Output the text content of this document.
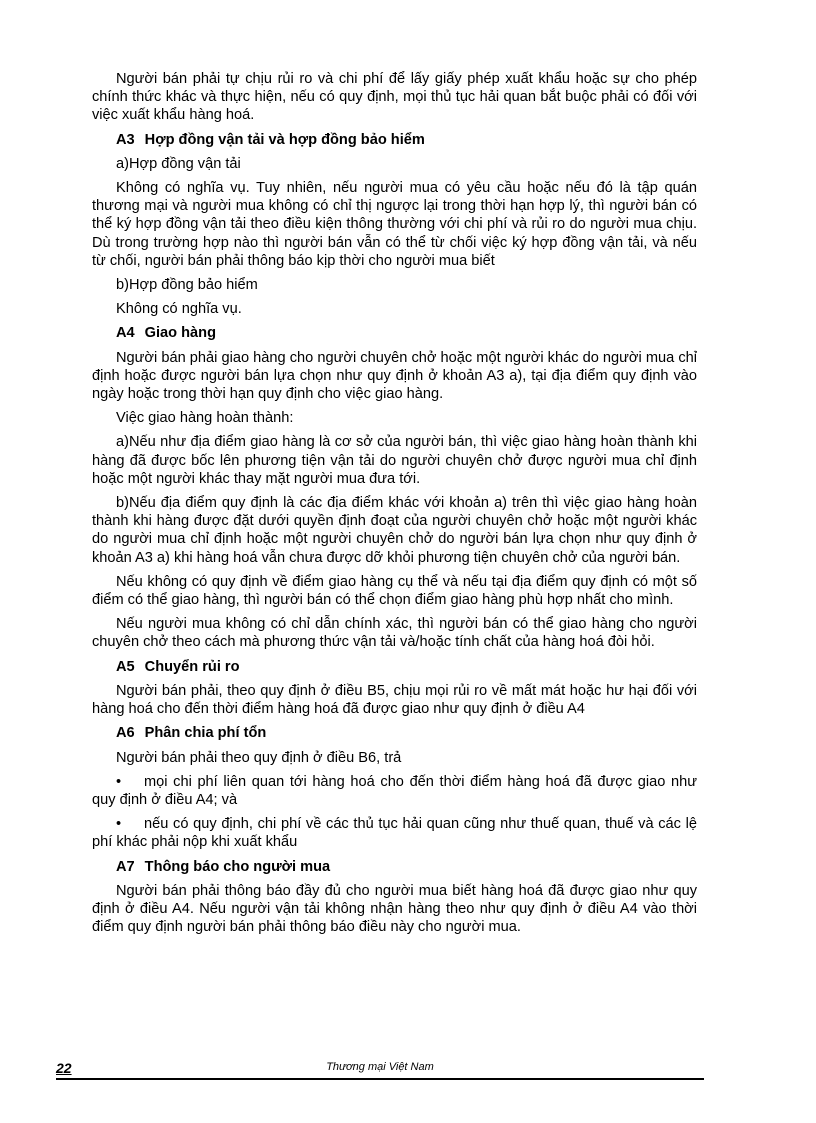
Người bán phải tự chịu rủi ro và chi phí để lấy giấy phép xuất khẩu hoặc sự cho phép chính thức khác và thực hiện, nếu có quy định, mọi thủ tục hải quan bắt buộc phải có đối với việc xuất khẩu hàng hoá.

A3 Hợp đồng vận tải và hợp đồng bảo hiểm

a)Hợp đồng vận tải

Không có nghĩa vụ. Tuy nhiên, nếu người mua có yêu cầu hoặc nếu đó là tập quán thương mại và người mua không có chỉ thị ngược lại trong thời hạn hợp lý, thì người bán có thể ký hợp đồng vận tải theo điều kiện thông thường với chi phí và rủi ro do người mua chịu. Dù trong trường hợp nào thì người bán vẫn có thể từ chối việc ký hợp đồng vận tải, và nếu từ chối, người bán phải thông báo kịp thời cho người mua biết

b)Hợp đồng bảo hiểm

Không có nghĩa vụ.

A4 Giao hàng

Người bán phải giao hàng cho người chuyên chở hoặc một người khác do người mua chỉ định hoặc được người bán lựa chọn như quy định ở khoản A3 a), tại địa điểm quy định vào ngày hoặc trong thời hạn quy định cho việc giao hàng.

Việc giao hàng hoàn thành:

a)Nếu như địa điểm giao hàng là cơ sở của người bán, thì việc giao hàng hoàn thành khi hàng đã được bốc lên phương tiện vận tải do người chuyên chở được người mua chỉ định hoặc một người khác thay mặt người mua đưa tới.

b)Nếu địa điểm quy định là các địa điểm khác với khoản a) trên thì việc giao hàng hoàn thành khi hàng được đặt dưới quyền định đoạt của người chuyên chở hoặc một người khác do người mua chỉ định hoặc một người chuyên chở do người bán lựa chọn như quy định ở khoản A3 a) khi hàng hoá vẫn chưa được dỡ khỏi phương tiện chuyên chở của người bán.

Nếu không có quy định về điểm giao hàng cụ thể và nếu tại địa điểm quy định có một số điểm có thể giao hàng, thì người bán có thể chọn điểm giao hàng phù hợp nhất cho mình.

Nếu người mua không có chỉ dẫn chính xác, thì người bán có thể giao hàng cho người chuyên chở theo cách mà phương thức vận tải và/hoặc tính chất của hàng hoá đòi hỏi.

A5 Chuyển rủi ro

Người bán phải, theo quy định ở điều B5, chịu mọi rủi ro về mất mát hoặc hư hại đối với hàng hoá cho đến thời điểm hàng hoá đã được giao như quy định ở điều A4

A6 Phân chia phí tổn

Người bán phải theo quy định ở điều B6, trả

• mọi chi phí liên quan tới hàng hoá cho đến thời điểm hàng hoá đã được giao như quy định ở điều A4; và

• nếu có quy định, chi phí về các thủ tục hải quan cũng như thuế quan, thuế và các lệ phí khác phải nộp khi xuất khẩu

A7 Thông báo cho người mua

Người bán phải thông báo đầy đủ cho người mua biết hàng hoá đã được giao như quy định ở điều A4. Nếu người vận tải không nhận hàng theo như quy định ở điều A4 vào thời điểm quy định người bán phải thông báo điều này cho người mua.

22	Thương mại Việt Nam
